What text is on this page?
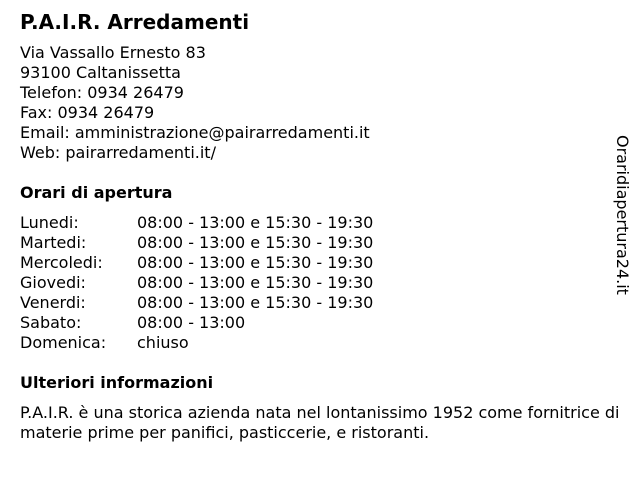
P.A.I.R. Arredamenti
Via Vassallo Ernesto 83
93100 Caltanissetta
Telefon: 0934 26479
Fax: 0934 26479
Email: amministrazione@pairarredamenti.it
Web: pairarredamenti.it/
Orari di apertura
Lunedi:	08:00 - 13:00 e 15:30 - 19:30
Martedi:	08:00 - 13:00 e 15:30 - 19:30
Mercoledi: 08:00 - 13:00 e 15:30 - 19:30
Giovedi:	08:00 - 13:00 e 15:30 - 19:30
Venerdi:	08:00 - 13:00 e 15:30 - 19:30
Sabato:	08:00 - 13:00
Domenica: chiuso
Ulteriori informazioni
P.A.I.R. è una storica azienda nata nel lontanissimo 1952 come fornitrice di materie prime per panifici, pasticcerie, e ristoranti.
Oraridiapertura24.it
